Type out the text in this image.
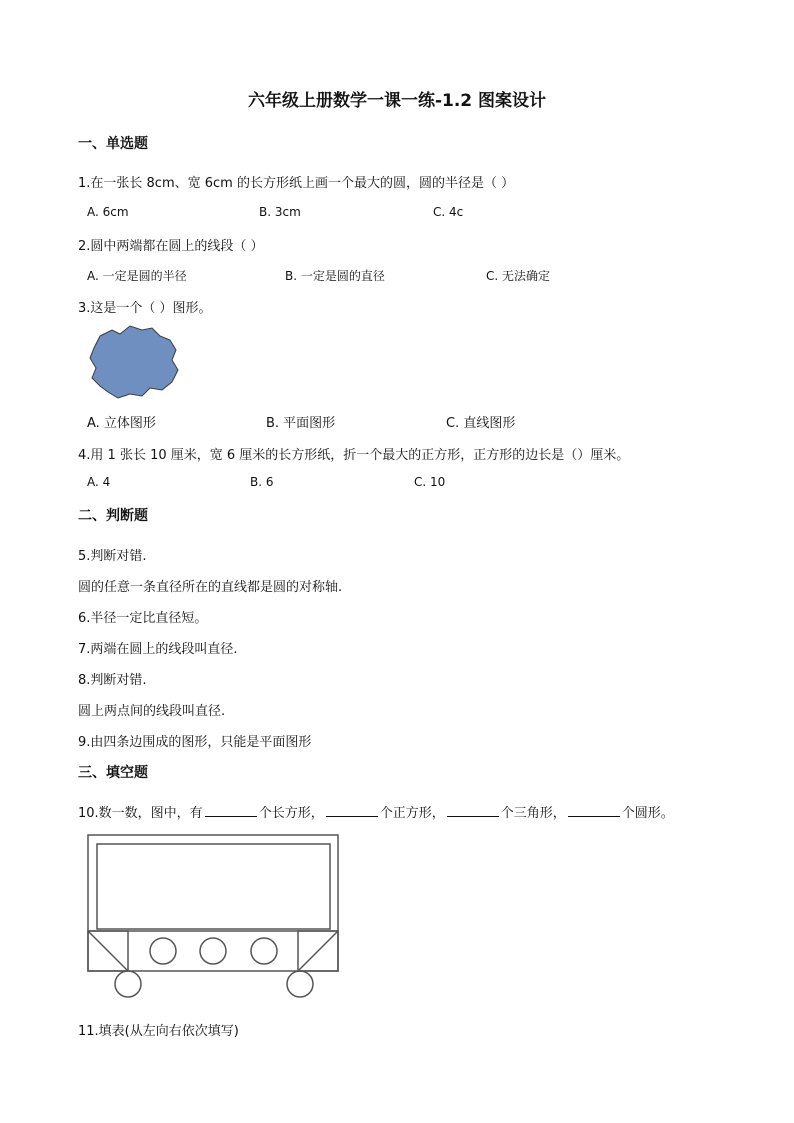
六年级上册数学一课一练-1.2 图案设计
一、单选题
1.在一张长 8cm、宽 6cm 的长方形纸上画一个最大的圆，圆的半径是（ ）
A. 6cm	B. 3cm	C. 4c
2.圆中两端都在圆上的线段（ ）
A. 一定是圆的半径	B. 一定是圆的直径	C. 无法确定
3.这是一个（ ）图形。
A. 立体图形	B. 平面图形	C. 直线图形
4.用 1 张长 10 厘米，宽 6 厘米的长方形纸，折一个最大的正方形，正方形的边长是（）厘米。
A. 4	B. 6	C. 10
二、判断题
5.判断对错.
圆的任意一条直径所在的直线都是圆的对称轴.
6.半径一定比直径短。
7.两端在圆上的线段叫直径.
8.判断对错.
圆上两点间的线段叫直径.
9.由四条边围成的图形，只能是平面图形
三、填空题
10.数一数，图中，有	个长方形，	个正方形，	个三角形，	个圆形。
11.填表(从左向右依次填写)
